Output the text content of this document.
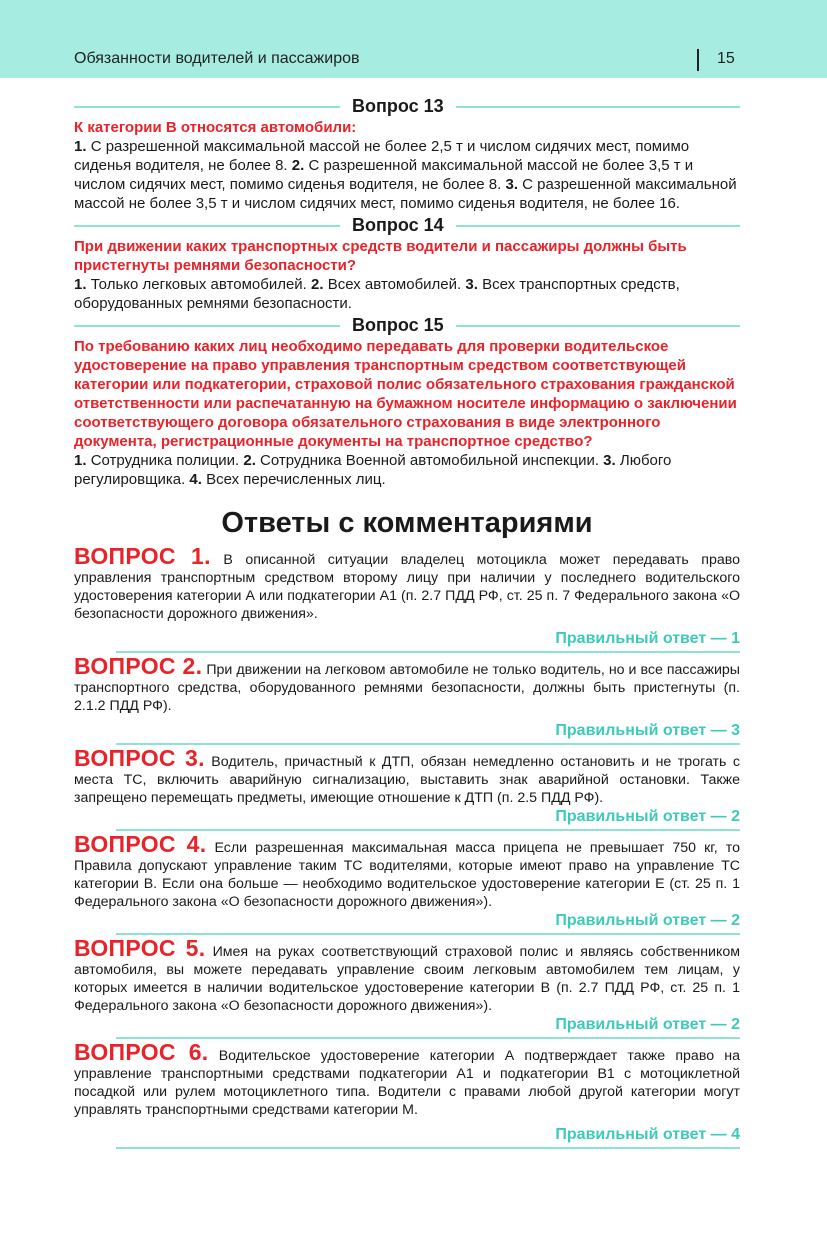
Обязанности водителей и пассажиров	15
Вопрос 13

К категории В относятся автомобили:

1. С разрешенной максимальной массой не более 2,5 т и числом сидячих мест, помимо сиденья водителя, не более 8. 2. С разрешенной максимальной массой не более 3,5 т и числом сидячих мест, помимо сиденья водителя, не более 8. 3. С разрешенной максимальной массой не более 3,5 т и числом сидячих мест, помимо сиденья водителя, не более 16.

Вопрос 14

При движении каких транспортных средств водители и пассажиры должны быть пристегнуты ремнями безопасности?

1. Только легковых автомобилей. 2. Всех автомобилей. 3. Всех транспортных средств, оборудованных ремнями безопасности.

Вопрос 15

По требованию каких лиц необходимо передавать для проверки водительское удостоверение на право управления транспортным средством соответствующей категории или подкатегории, страховой полис обязательного страхования гражданской ответственности или распечатанную на бумажном носителе информацию о заключении соответствующего договора обязательного страхования в виде электронного документа, регистрационные документы на транспортное средство?

1. Сотрудника полиции. 2. Сотрудника Военной автомобильной инспекции. 3. Любого регулировщика. 4. Всех перечисленных лиц.

Ответы с комментариями

ВОПРОС 1. В описанной ситуации владелец мотоцикла может передавать право управления транспортным средством второму лицу при наличии у последнего водительского удостоверения категории А или подкатегории А1 (п. 2.7 ПДД РФ, ст. 25 п. 7 Федерального закона «О безопасности дорожного движения».

Правильный ответ — 1

ВОПРОС 2. При движении на легковом автомобиле не только водитель, но и все пассажиры транспортного средства, оборудованного ремнями безопасности, должны быть пристегнуты (п. 2.1.2 ПДД РФ).

Правильный ответ — 3

ВОПРОС 3. Водитель, причастный к ДТП, обязан немедленно остановить и не трогать с места ТС, включить аварийную сигнализацию, выставить знак аварийной остановки. Также запрещено перемещать предметы, имеющие отношение к ДТП (п. 2.5 ПДД РФ).

Правильный ответ — 2

ВОПРОС 4. Если разрешенная максимальная масса прицепа не превышает 750 кг, то Правила допускают управление таким ТС водителями, которые имеют право на управление ТС категории В. Если она больше — необходимо водительское удостоверение категории Е (ст. 25 п. 1 Федерального закона «О безопасности дорожного движения»).

Правильный ответ — 2

ВОПРОС 5. Имея на руках соответствующий страховой полис и являясь собственником автомобиля, вы можете передавать управление своим легковым автомобилем тем лицам, у которых имеется в наличии водительское удостоверение категории В (п. 2.7 ПДД РФ, ст. 25 п. 1 Федерального закона «О безопасности дорожного движения»).

Правильный ответ — 2

ВОПРОС 6. Водительское удостоверение категории А подтверждает также право на управление транспортными средствами подкатегории А1 и подкатегории В1 с мотоциклетной посадкой или рулем мотоциклетного типа. Водители с правами любой другой категории могут управлять транспортными средствами категории М.

Правильный ответ — 4
